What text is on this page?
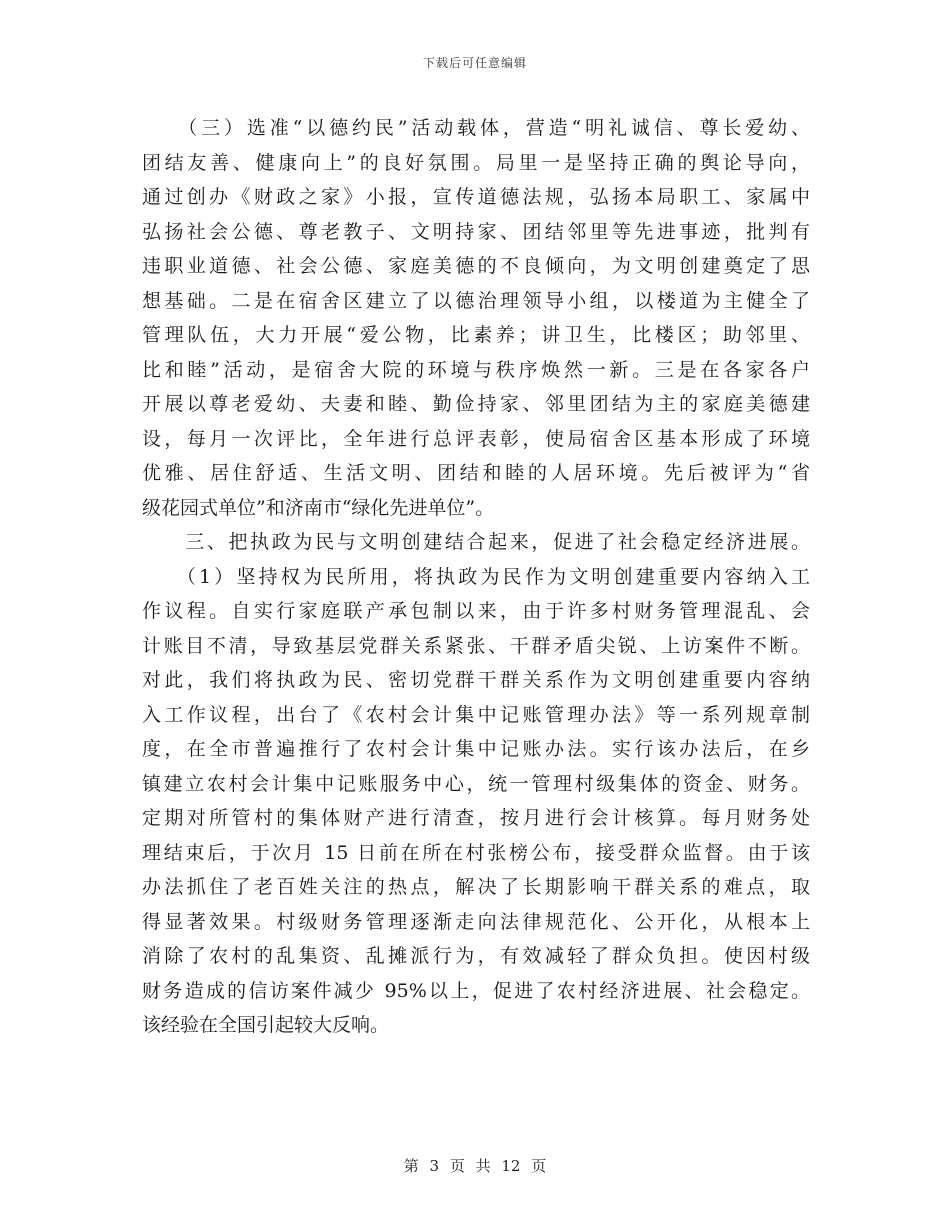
下载后可任意编辑
　　（三）选准“以德约民”活动载体，营造“明礼诚信、尊长爱幼、
团结友善、健康向上”的良好氛围。局里一是坚持正确的舆论导向，
通过创办《财政之家》小报，宣传道德法规，弘扬本局职工、家属中
弘扬社会公德、尊老教子、文明持家、团结邻里等先进事迹，批判有
违职业道德、社会公德、家庭美德的不良倾向，为文明创建奠定了思
想基础。二是在宿舍区建立了以德治理领导小组，以楼道为主健全了
管理队伍，大力开展“爱公物，比素养；讲卫生，比楼区；助邻里、
比和睦”活动，是宿舍大院的环境与秩序焕然一新。三是在各家各户
开展以尊老爱幼、夫妻和睦、勤俭持家、邻里团结为主的家庭美德建
设，每月一次评比，全年进行总评表彰，使局宿舍区基本形成了环境
优雅、居住舒适、生活文明、团结和睦的人居环境。先后被评为“省
级花园式单位”和济南市“绿化先进单位”。
　　三、把执政为民与文明创建结合起来，促进了社会稳定经济进展。
　　（1）坚持权为民所用，将执政为民作为文明创建重要内容纳入工
作议程。自实行家庭联产承包制以来，由于许多村财务管理混乱、会
计账目不清，导致基层党群关系紧张、干群矛盾尖锐、上访案件不断。
对此，我们将执政为民、密切党群干群关系作为文明创建重要内容纳
入工作议程，出台了《农村会计集中记账管理办法》等一系列规章制
度，在全市普遍推行了农村会计集中记账办法。实行该办法后，在乡
镇建立农村会计集中记账服务中心，统一管理村级集体的资金、财务。
定期对所管村的集体财产进行清查，按月进行会计核算。每月财务处
理结束后，于次月 15 日前在所在村张榜公布，接受群众监督。由于该
办法抓住了老百姓关注的热点，解决了长期影响干群关系的难点，取
得显著效果。村级财务管理逐渐走向法律规范化、公开化，从根本上
消除了农村的乱集资、乱摊派行为，有效减轻了群众负担。使因村级
财务造成的信访案件减少 95%以上，促进了农村经济进展、社会稳定。
该经验在全国引起较大反响。
第 3 页 共 12 页
